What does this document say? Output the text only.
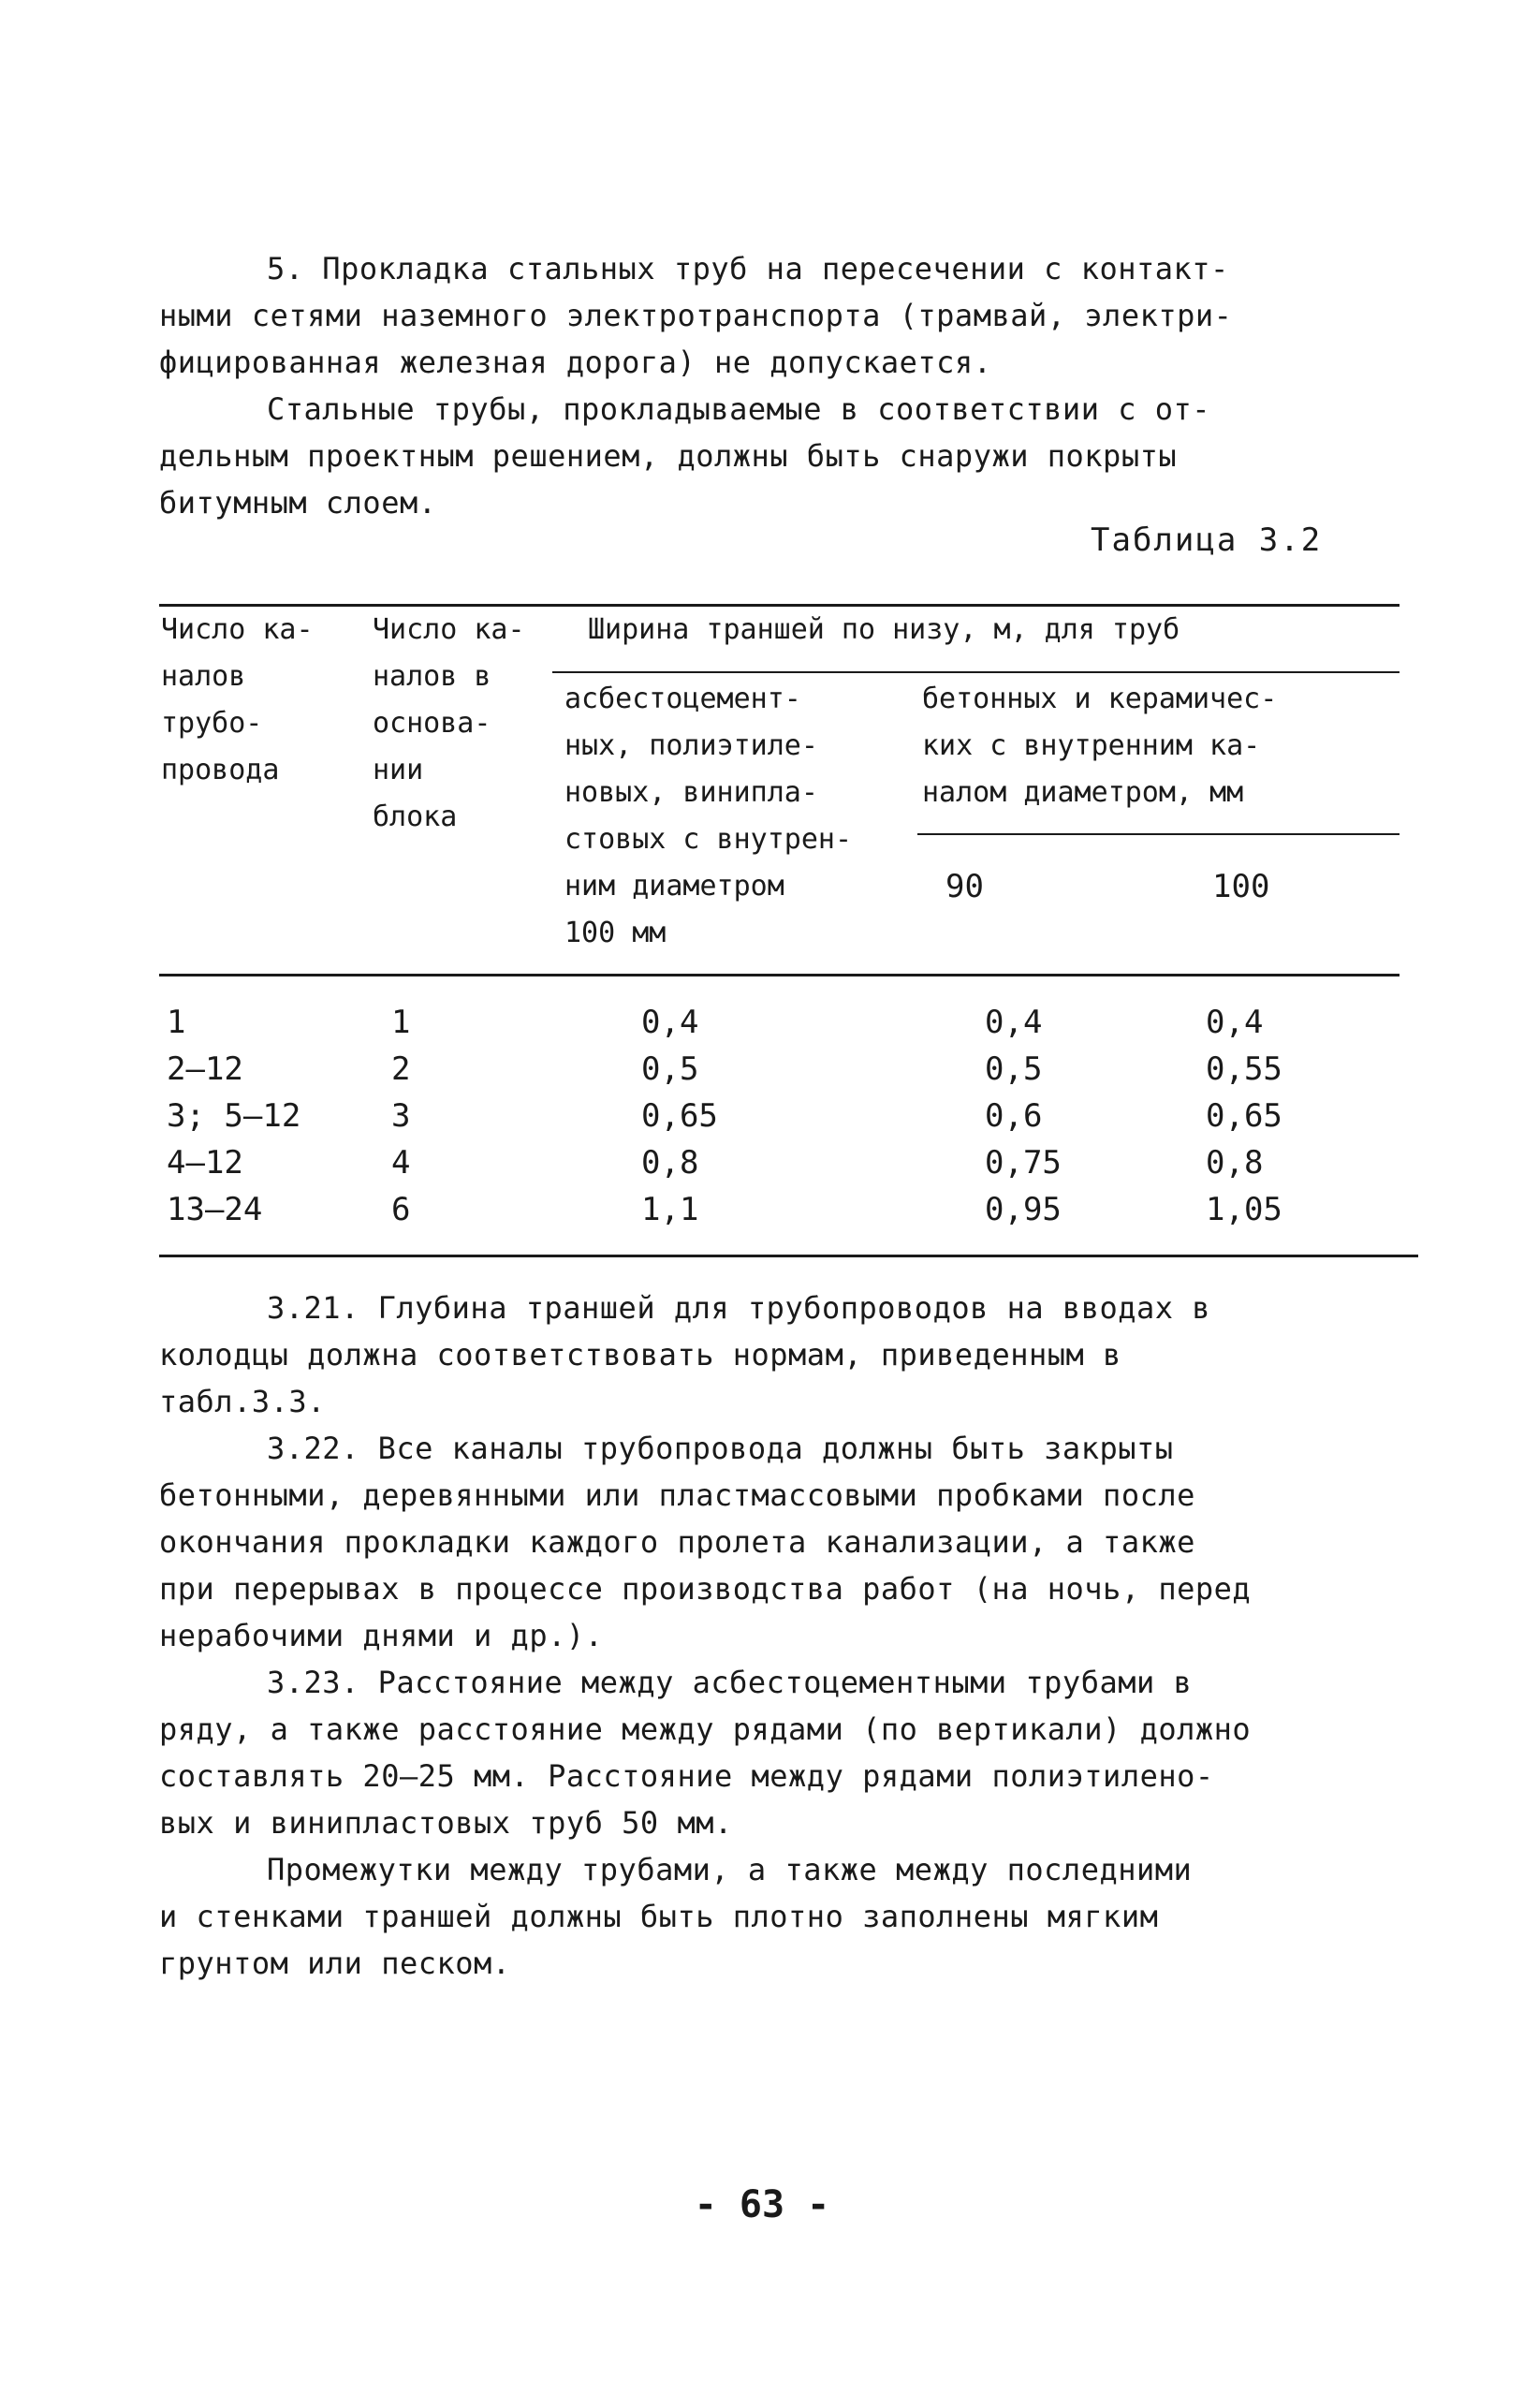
5. Прокладка стальных труб на пересечении с контакт-
ными сетями наземного электротранспорта (трамвай, электри-
фицированная железная дорога) не допускается.

Стальные трубы, прокладываемые в соответствии с от-
дельным проектным решением, должны быть снаружи покрыты
битумным слоем.

Таблица 3.2

Число ка-
налов
трубо-
провода

Число ка-
налов в
основа-
нии
блока

Ширина траншей по низу, м, для труб

асбестоцемент-
ных, полиэтиле-
новых, винипла-
стовых с внутрен-
ним диаметром
100 мм

бетонных и керамичес-
ких с внутренним ка-
налом диаметром, мм

90	100

1	1	0,4	0,4	0,4
2–12	2	0,5	0,5	0,55
3; 5–12	3	0,65	0,6	0,65
4–12	4	0,8	0,75	0,8
13–24	6	1,1	0,95	1,05

3.21. Глубина траншей для трубопроводов на вводах в
колодцы должна соответствовать нормам, приведенным в
табл.3.3.

3.22. Все каналы трубопровода должны быть закрыты
бетонными, деревянными или пластмассовыми пробками после
окончания прокладки каждого пролета канализации, а также
при перерывах в процессе производства работ (на ночь, перед
нерабочими днями и др.).

3.23. Расстояние между асбестоцементными трубами в
ряду, а также расстояние между рядами (по вертикали) должно
составлять 20–25 мм. Расстояние между рядами полиэтилено-
вых и винипластовых труб 50 мм.

Промежутки между трубами, а также между последними
и стенками траншей должны быть плотно заполнены мягким
грунтом или песком.

- 63 -
